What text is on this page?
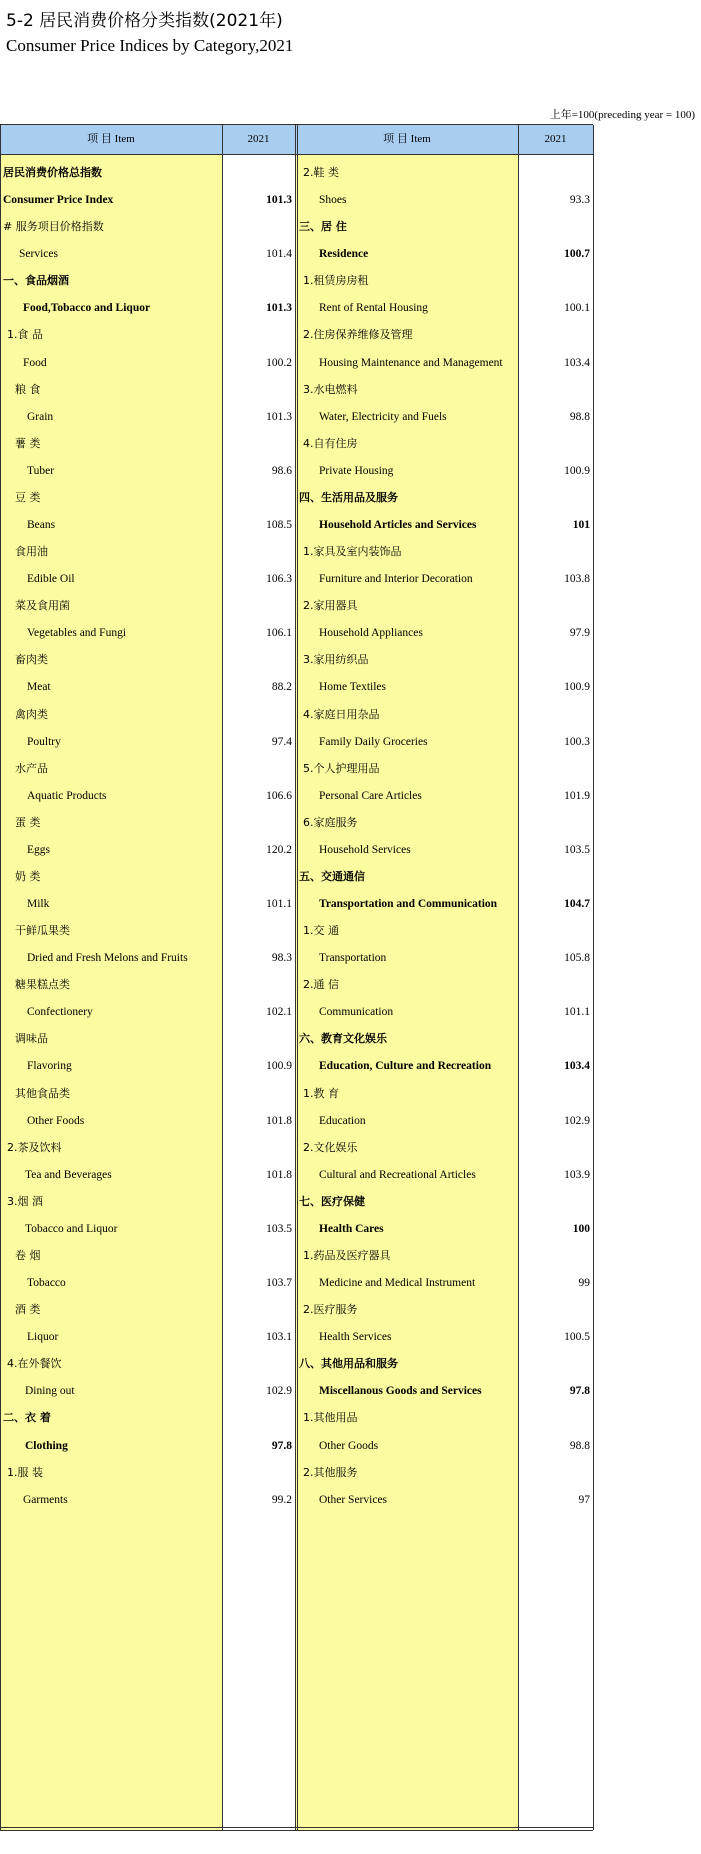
5-2 居民消费价格分类指数(2021年)
Consumer Price Indices by Category,2021
上年=100(preceding year = 100)
项 目 Item	2021	项 目 Item	2021
居民消费价格总指数
Consumer Price Index	101.3
# 服务项目价格指数
Services	101.4
一、食品烟酒
Food,Tobacco and Liquor	101.3
1.食 品
Food	100.2
粮 食
Grain	101.3
薯 类
Tuber	98.6
豆 类
Beans	108.5
食用油
Edible Oil	106.3
菜及食用菌
Vegetables and Fungi	106.1
畜肉类
Meat	88.2
禽肉类
Poultry	97.4
水产品
Aquatic Products	106.6
蛋 类
Eggs	120.2
奶 类
Milk	101.1
干鲜瓜果类
Dried and Fresh Melons and Fruits	98.3
糖果糕点类
Confectionery	102.1
调味品
Flavoring	100.9
其他食品类
Other Foods	101.8
2.茶及饮料
Tea and Beverages	101.8
3.烟 酒
Tobacco and Liquor	103.5
卷 烟
Tobacco	103.7
酒 类
Liquor	103.1
4.在外餐饮
Dining out	102.9
二、衣 着
Clothing	97.8
1.服 装
Garments	99.2
2.鞋 类
Shoes	93.3
三、居 住
Residence	100.7
1.租赁房房租
Rent of Rental Housing	100.1
2.住房保养维修及管理
Housing Maintenance and Management	103.4
3.水电燃料
Water, Electricity and Fuels	98.8
4.自有住房
Private Housing	100.9
四、生活用品及服务
Household Articles and Services	101
1.家具及室内装饰品
Furniture and Interior Decoration	103.8
2.家用器具
Household Appliances	97.9
3.家用纺织品
Home Textiles	100.9
4.家庭日用杂品
Family Daily Groceries	100.3
5.个人护理用品
Personal Care Articles	101.9
6.家庭服务
Household Services	103.5
五、交通通信
Transportation and Communication	104.7
1.交 通
Transportation	105.8
2.通 信
Communication	101.1
六、教育文化娱乐
Education, Culture and Recreation	103.4
1.教 育
Education	102.9
2.文化娱乐
Cultural and Recreational Articles	103.9
七、医疗保健
Health Cares	100
1.药品及医疗器具
Medicine and Medical Instrument	99
2.医疗服务
Health Services	100.5
八、其他用品和服务
Miscellanous Goods and Services	97.8
1.其他用品
Other Goods	98.8
2.其他服务
Other Services	97
